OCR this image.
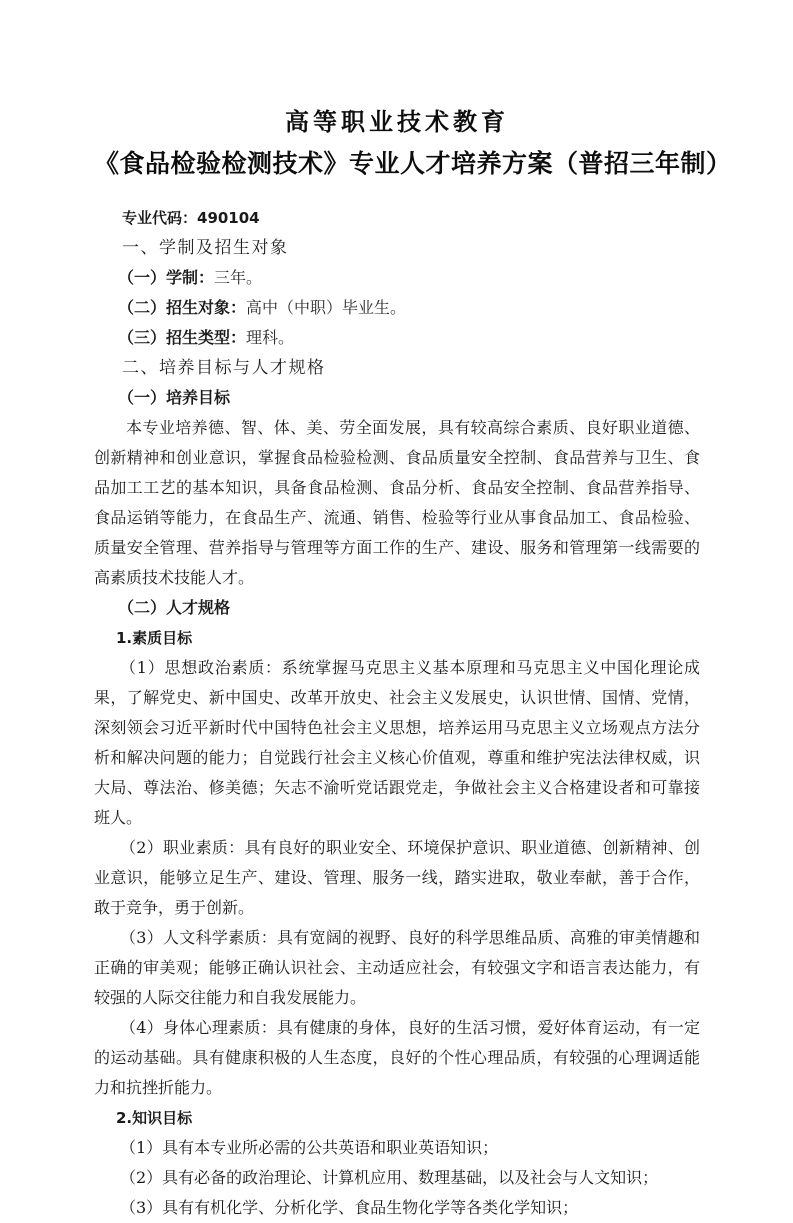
高等职业技术教育
《食品检验检测技术》专业人才培养方案（普招三年制）

专业代码：490104

一、学制及招生对象

（一）学制：三年。

（二）招生对象：高中（中职）毕业生。

（三）招生类型：理科。

二、培养目标与人才规格
（一）培养目标

本专业培养德、智、体、美、劳全面发展，具有较高综合素质、良好职业道德、创新精神和创业意识，掌握食品检验检测、食品质量安全控制、食品营养与卫生、食品加工工艺的基本知识，具备食品检测、食品分析、食品安全控制、食品营养指导、食品运销等能力，在食品生产、流通、销售、检验等行业从事食品加工、食品检验、质量安全管理、营养指导与管理等方面工作的生产、建设、服务和管理第一线需要的高素质技术技能人才。

（二）人才规格
1.素质目标

（1）思想政治素质：系统掌握马克思主义基本原理和马克思主义中国化理论成果，了解党史、新中国史、改革开放史、社会主义发展史，认识世情、国情、党情，深刻领会习近平新时代中国特色社会主义思想，培养运用马克思主义立场观点方法分析和解决问题的能力；自觉践行社会主义核心价值观，尊重和维护宪法法律权威，识大局、尊法治、修美德；矢志不渝听党话跟党走，争做社会主义合格建设者和可靠接班人。

（2）职业素质：具有良好的职业安全、环境保护意识、职业道德、创新精神、创业意识，能够立足生产、建设、管理、服务一线，踏实进取，敬业奉献，善于合作，敢于竞争，勇于创新。

（3）人文科学素质：具有宽阔的视野、良好的科学思维品质、高雅的审美情趣和正确的审美观；能够正确认识社会、主动适应社会，有较强文字和语言表达能力，有较强的人际交往能力和自我发展能力。

（4）身体心理素质：具有健康的身体，良好的生活习惯，爱好体育运动，有一定的运动基础。具有健康积极的人生态度，良好的个性心理品质，有较强的心理调适能力和抗挫折能力。

2.知识目标

（1）具有本专业所必需的公共英语和职业英语知识；

（2）具有必备的政治理论、计算机应用、数理基础，以及社会与人文知识；

（3）具有有机化学、分析化学、食品生物化学等各类化学知识；
